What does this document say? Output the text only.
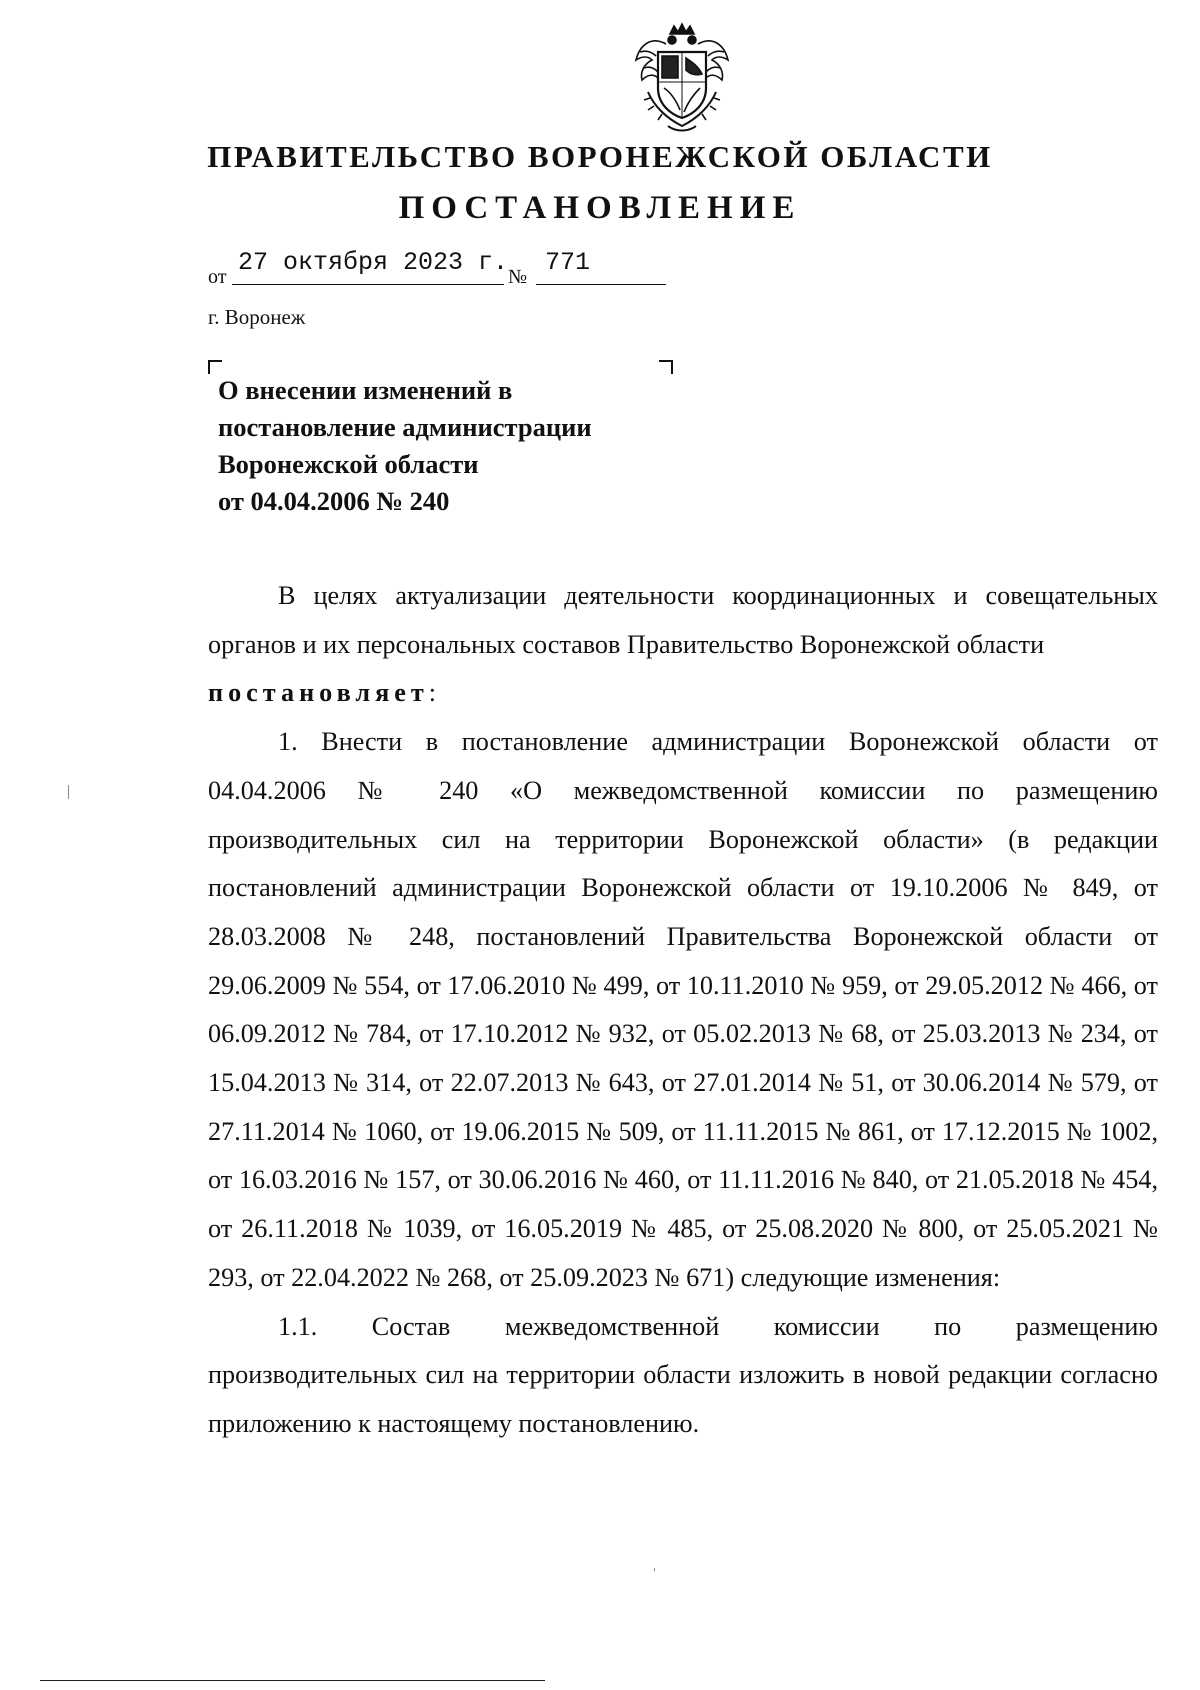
ПРАВИТЕЛЬСТВО ВОРОНЕЖСКОЙ ОБЛАСТИ
ПОСТАНОВЛЕНИЕ
от 27 октября 2023 г. № 771
г. Воронеж
О внесении изменений в
постановление администрации
Воронежской области
от 04.04.2006 № 240

В целях актуализации деятельности координационных и совещательных органов и их персональных составов Правительство Воронежской области

постановляет:

1. Внести в постановление администрации Воронежской области от 04.04.2006 № 240 «О межведомственной комиссии по размещению производительных сил на территории Воронежской области» (в редакции постановлений администрации Воронежской области от 19.10.2006 № 849, от 28.03.2008 № 248, постановлений Правительства Воронежской области от 29.06.2009 № 554, от 17.06.2010 № 499, от 10.11.2010 № 959, от 29.05.2012 № 466, от 06.09.2012 № 784, от 17.10.2012 № 932, от 05.02.2013 № 68, от 25.03.2013 № 234, от 15.04.2013 № 314, от 22.07.2013 № 643, от 27.01.2014 № 51, от 30.06.2014 № 579, от 27.11.2014 № 1060, от 19.06.2015 № 509, от 11.11.2015 № 861, от 17.12.2015 № 1002, от 16.03.2016 № 157, от 30.06.2016 № 460, от 11.11.2016 № 840, от 21.05.2018 № 454, от 26.11.2018 № 1039, от 16.05.2019 № 485, от 25.08.2020 № 800, от 25.05.2021 № 293, от 22.04.2022 № 268, от 25.09.2023 № 671) следующие изменения:

1.1. Состав межведомственной комиссии по размещению

производительных сил на территории области изложить в новой редакции согласно приложению к настоящему постановлению.
